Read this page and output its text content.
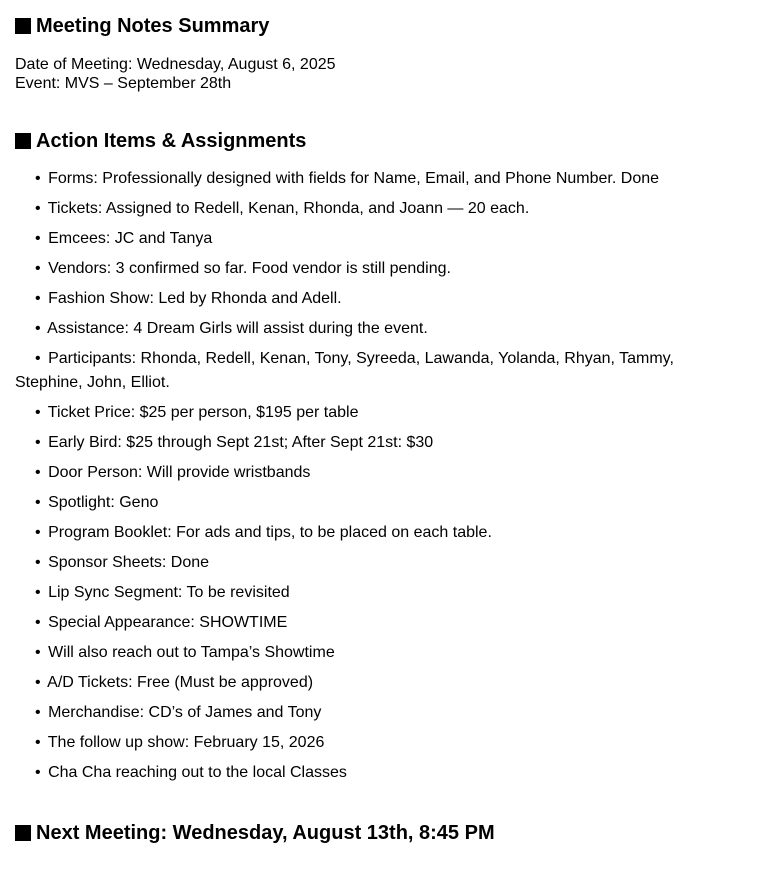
Meeting Notes Summary
Date of Meeting: Wednesday, August 6, 2025
Event: MVS – September 28th
Action Items & Assignments
• Forms: Professionally designed with fields for Name, Email, and Phone Number. Done
• Tickets: Assigned to Redell, Kenan, Rhonda, and Joann — 20 each.
• Emcees: JC and Tanya
• Vendors: 3 confirmed so far. Food vendor is still pending.
• Fashion Show: Led by Rhonda and Adell.
• Assistance: 4 Dream Girls will assist during the event.
• Participants: Rhonda, Redell, Kenan, Tony, Syreeda, Lawanda, Yolanda, Rhyan, Tammy,
Stephine, John, Elliot.
• Ticket Price: $25 per person, $195 per table
• Early Bird: $25 through Sept 21st; After Sept 21st: $30
• Door Person: Will provide wristbands
• Spotlight: Geno
• Program Booklet: For ads and tips, to be placed on each table.
• Sponsor Sheets: Done
• Lip Sync Segment: To be revisited
• Special Appearance: SHOWTIME
• Will also reach out to Tampa’s Showtime
• A/D Tickets: Free (Must be approved)
• Merchandise: CD’s of James and Tony
• The follow up show: February 15, 2026
• Cha Cha reaching out to the local Classes
Next Meeting: Wednesday, August 13th, 8:45 PM
